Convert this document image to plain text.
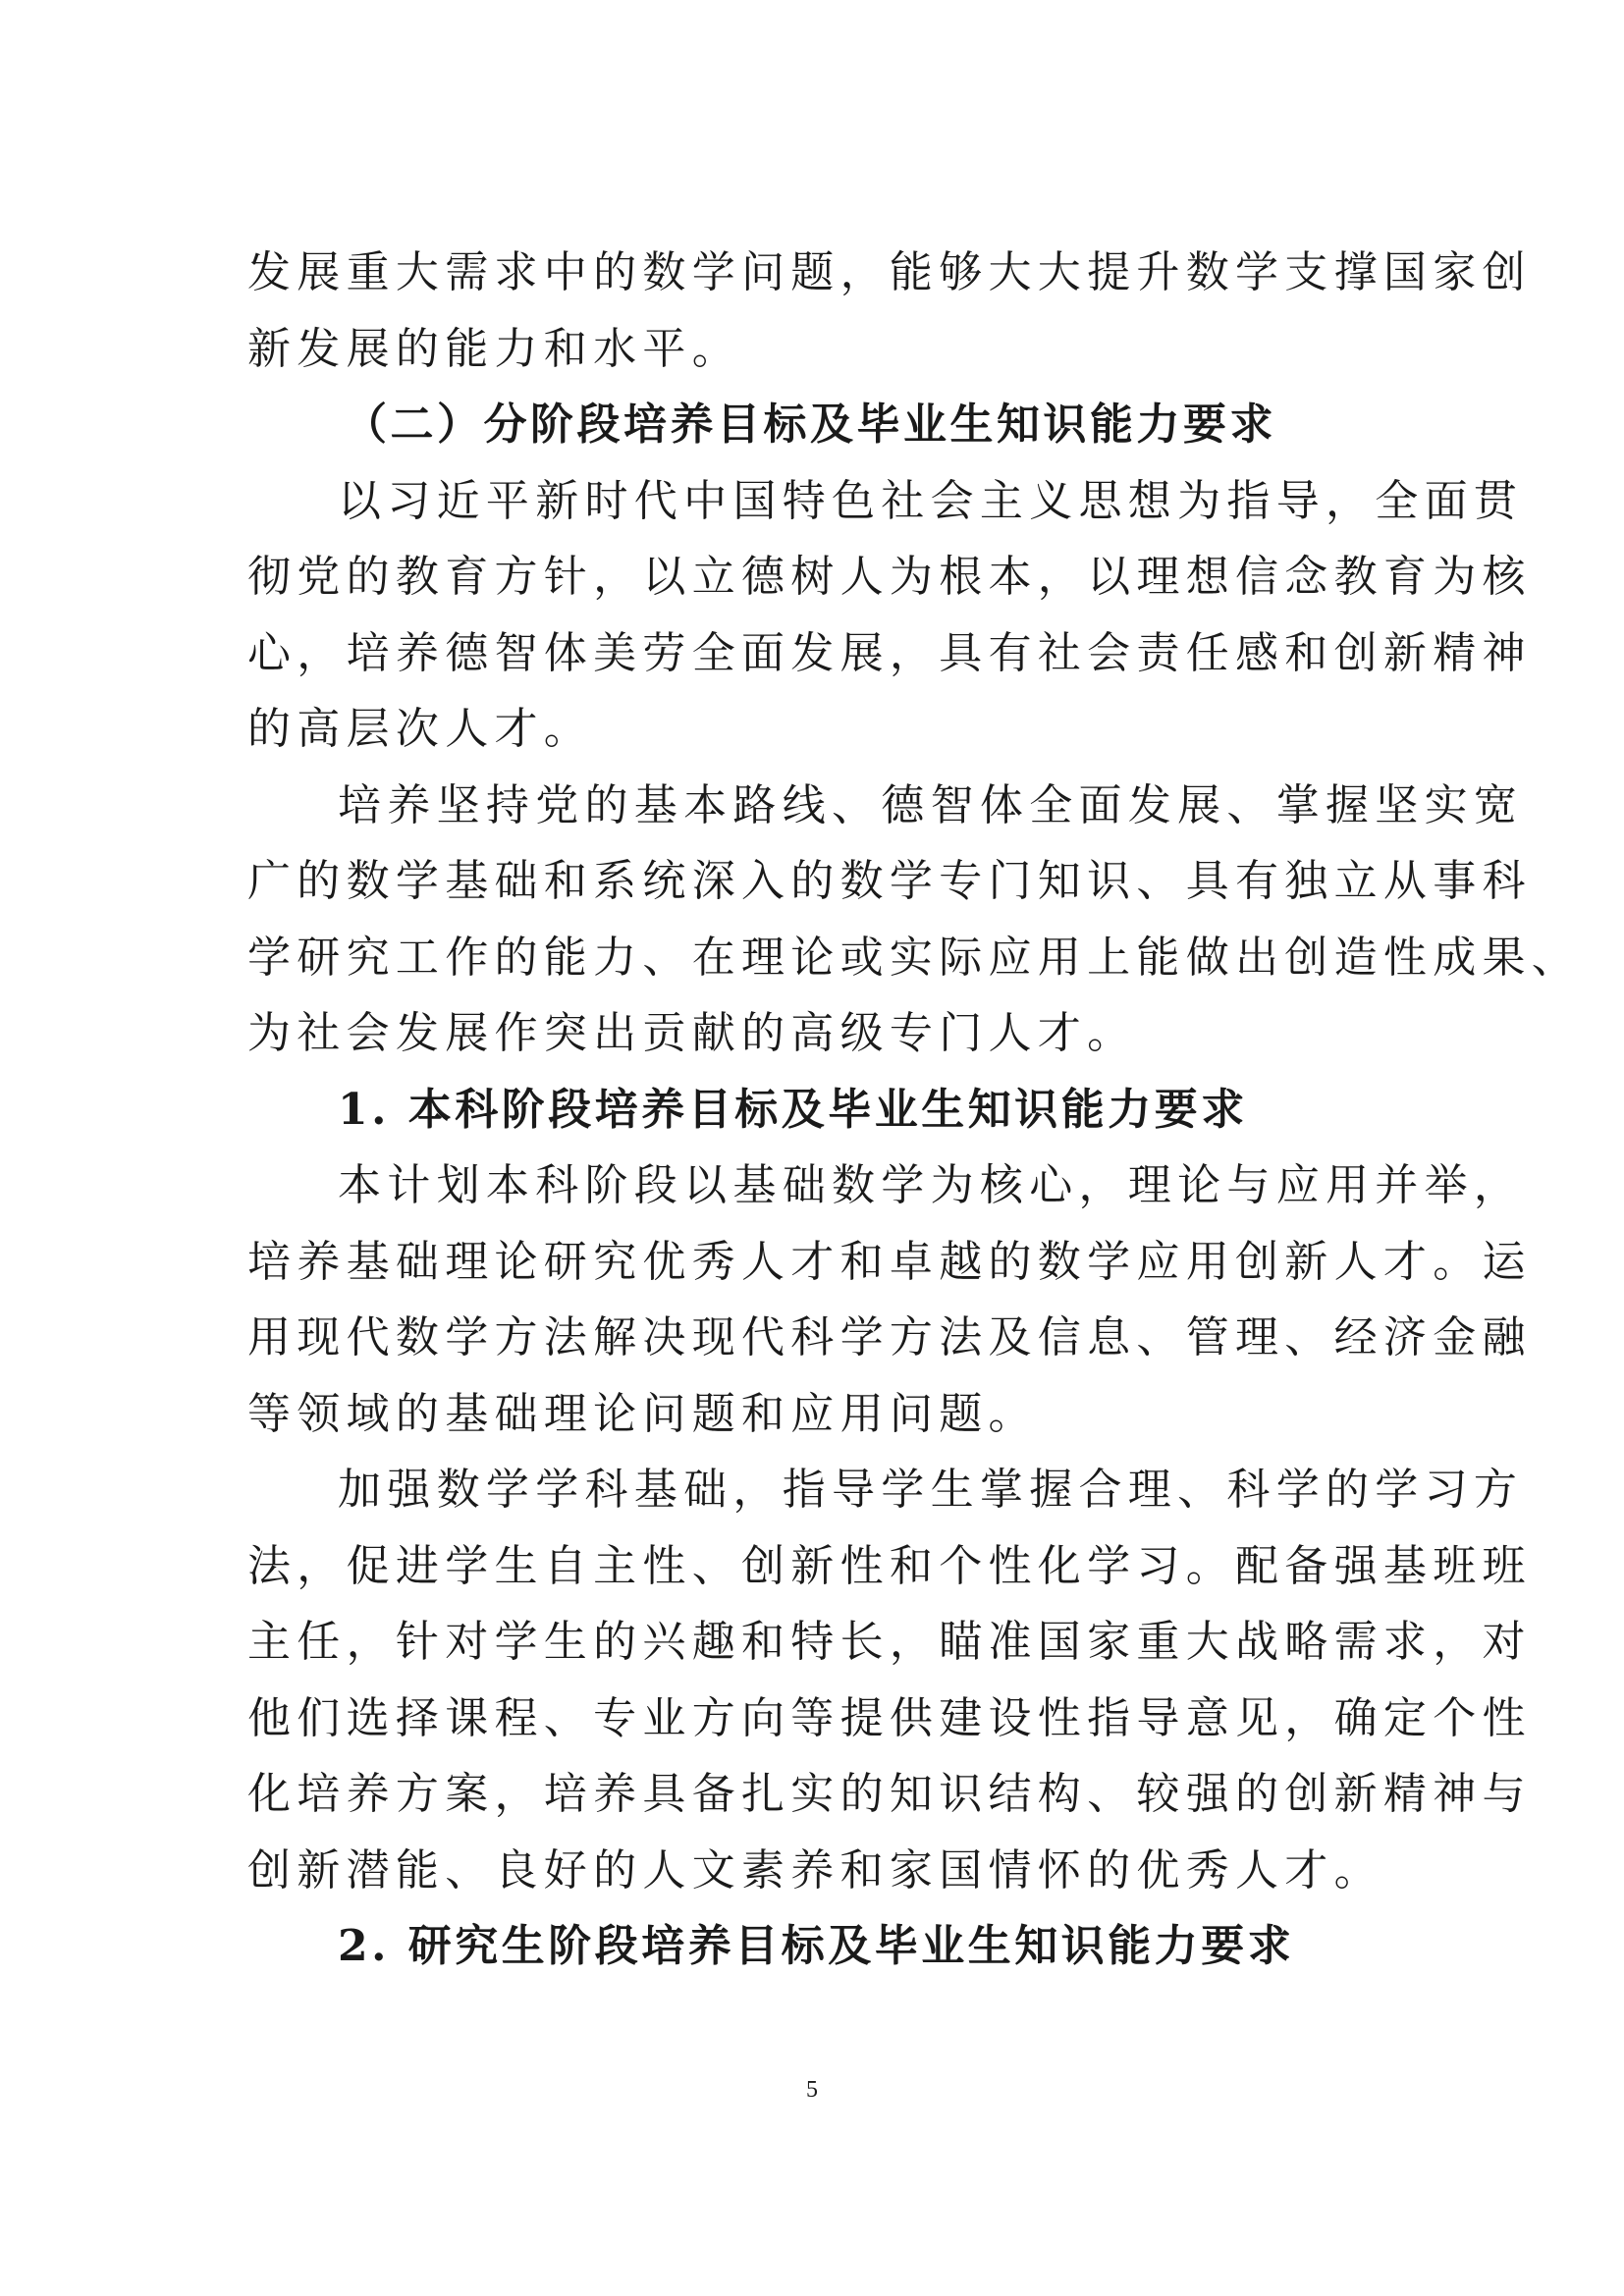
发展重大需求中的数学问题，能够大大提升数学支撑国家创
新发展的能力和水平。
（二）分阶段培养目标及毕业生知识能力要求
以习近平新时代中国特色社会主义思想为指导，全面贯
彻党的教育方针，以立德树人为根本，以理想信念教育为核
心，培养德智体美劳全面发展，具有社会责任感和创新精神
的高层次人才。
培养坚持党的基本路线、德智体全面发展、掌握坚实宽
广的数学基础和系统深入的数学专门知识、具有独立从事科
学研究工作的能力、在理论或实际应用上能做出创造性成果、
为社会发展作突出贡献的高级专门人才。
1. 本科阶段培养目标及毕业生知识能力要求
本计划本科阶段以基础数学为核心，理论与应用并举，
培养基础理论研究优秀人才和卓越的数学应用创新人才。运
用现代数学方法解决现代科学方法及信息、管理、经济金融
等领域的基础理论问题和应用问题。
加强数学学科基础，指导学生掌握合理、科学的学习方
法，促进学生自主性、创新性和个性化学习。配备强基班班
主任，针对学生的兴趣和特长，瞄准国家重大战略需求，对
他们选择课程、专业方向等提供建设性指导意见，确定个性
化培养方案，培养具备扎实的知识结构、较强的创新精神与
创新潜能、良好的人文素养和家国情怀的优秀人才。
2. 研究生阶段培养目标及毕业生知识能力要求
5
